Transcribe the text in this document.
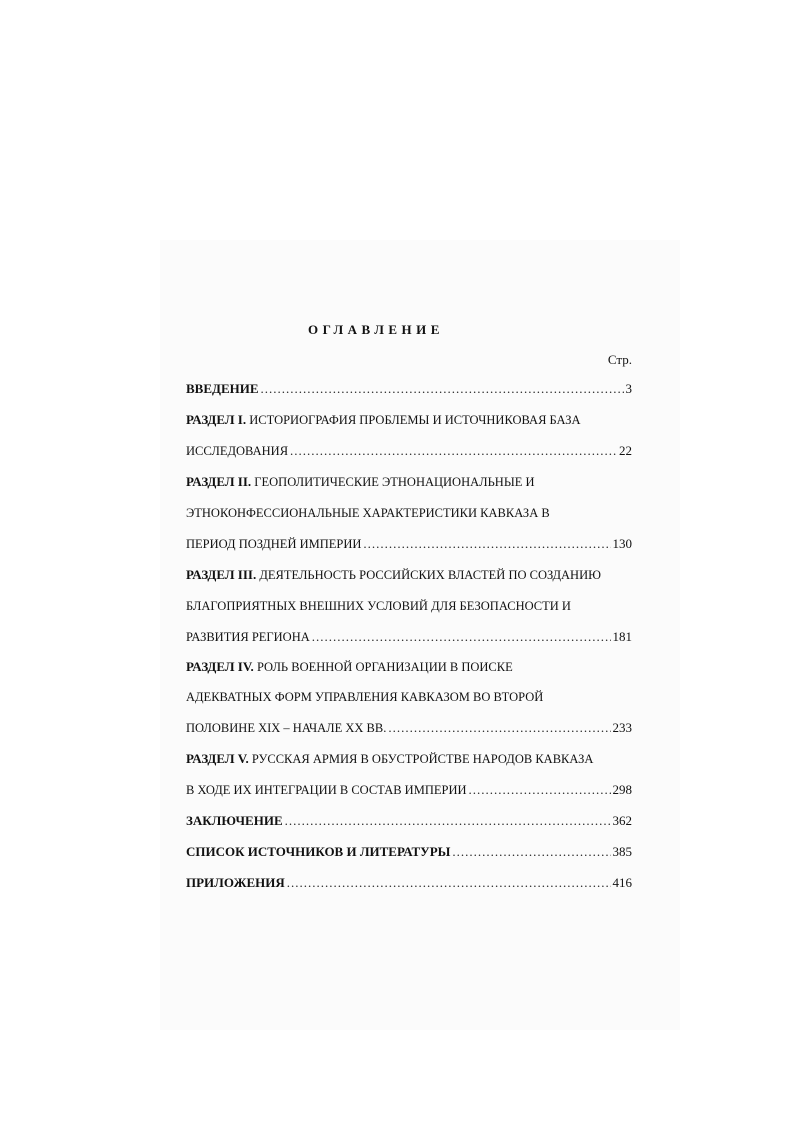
ОГЛАВЛЕНИЕ
Стр.
ВВЕДЕНИЕ .....	3
РАЗДЕЛ I. ИСТОРИОГРАФИЯ ПРОБЛЕМЫ И ИСТОЧНИКОВАЯ БАЗА
ИССЛЕДОВАНИЯ .....	22
РАЗДЕЛ II. ГЕОПОЛИТИЧЕСКИЕ ЭТНОНАЦИОНАЛЬНЫЕ И
ЭТНОКОНФЕССИОНАЛЬНЫЕ ХАРАКТЕРИСТИКИ КАВКАЗА В
ПЕРИОД ПОЗДНЕЙ ИМПЕРИИ .....	130
РАЗДЕЛ III. ДЕЯТЕЛЬНОСТЬ РОССИЙСКИХ ВЛАСТЕЙ ПО СОЗДАНИЮ
БЛАГОПРИЯТНЫХ ВНЕШНИХ УСЛОВИЙ ДЛЯ БЕЗОПАСНОСТИ И
РАЗВИТИЯ РЕГИОНА .....	181
РАЗДЕЛ IV. РОЛЬ ВОЕННОЙ ОРГАНИЗАЦИИ В ПОИСКЕ
АДЕКВАТНЫХ ФОРМ УПРАВЛЕНИЯ КАВКАЗОМ ВО ВТОРОЙ
ПОЛОВИНЕ XIX – НАЧАЛЕ XX ВВ. .....	233
РАЗДЕЛ V. РУССКАЯ АРМИЯ В ОБУСТРОЙСТВЕ НАРОДОВ КАВКАЗА
В ХОДЕ ИХ ИНТЕГРАЦИИ В СОСТАВ ИМПЕРИИ .....	298
ЗАКЛЮЧЕНИЕ .....	362
СПИСОК ИСТОЧНИКОВ И ЛИТЕРАТУРЫ .....	385
ПРИЛОЖЕНИЯ .....	416
